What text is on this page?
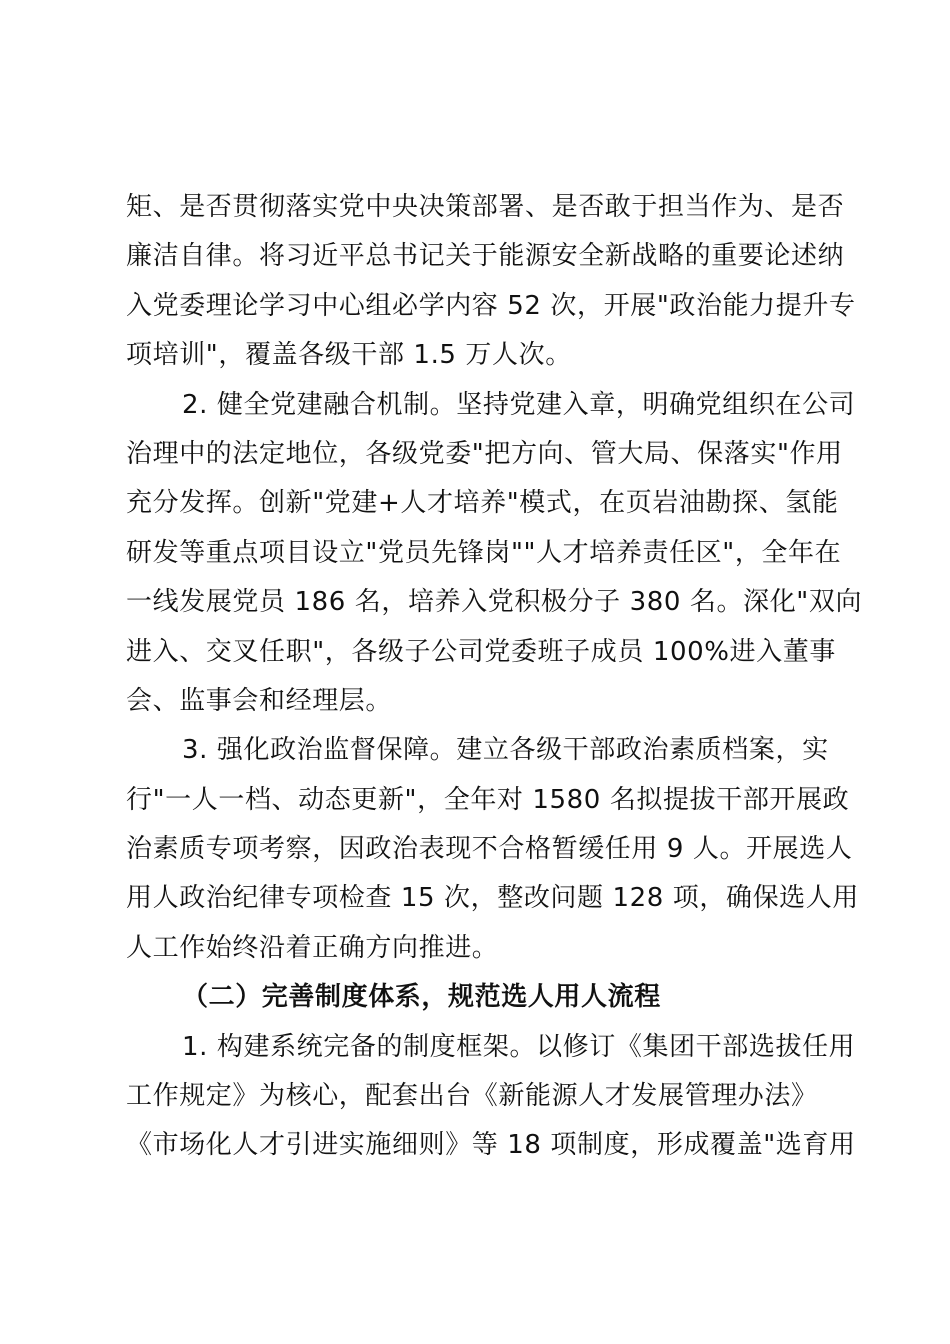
矩、是否贯彻落实党中央决策部署、是否敢于担当作为、是否
廉洁自律。将习近平总书记关于能源安全新战略的重要论述纳
入党委理论学习中心组必学内容 52 次，开展"政治能力提升专
项培训"，覆盖各级干部 1.5 万人次。
2. 健全党建融合机制。坚持党建入章，明确党组织在公司
治理中的法定地位，各级党委"把方向、管大局、保落实"作用
充分发挥。创新"党建+人才培养"模式，在页岩油勘探、氢能
研发等重点项目设立"党员先锋岗""人才培养责任区"，全年在
一线发展党员 186 名，培养入党积极分子 380 名。深化"双向
进入、交叉任职"，各级子公司党委班子成员 100%进入董事
会、监事会和经理层。
3. 强化政治监督保障。建立各级干部政治素质档案，实
行"一人一档、动态更新"，全年对 1580 名拟提拔干部开展政
治素质专项考察，因政治表现不合格暂缓任用 9 人。开展选人
用人政治纪律专项检查 15 次，整改问题 128 项，确保选人用
人工作始终沿着正确方向推进。
（二）完善制度体系，规范选人用人流程
1. 构建系统完备的制度框架。以修订《集团干部选拔任用
工作规定》为核心，配套出台《新能源人才发展管理办法》
《市场化人才引进实施细则》等 18 项制度，形成覆盖"选育用
